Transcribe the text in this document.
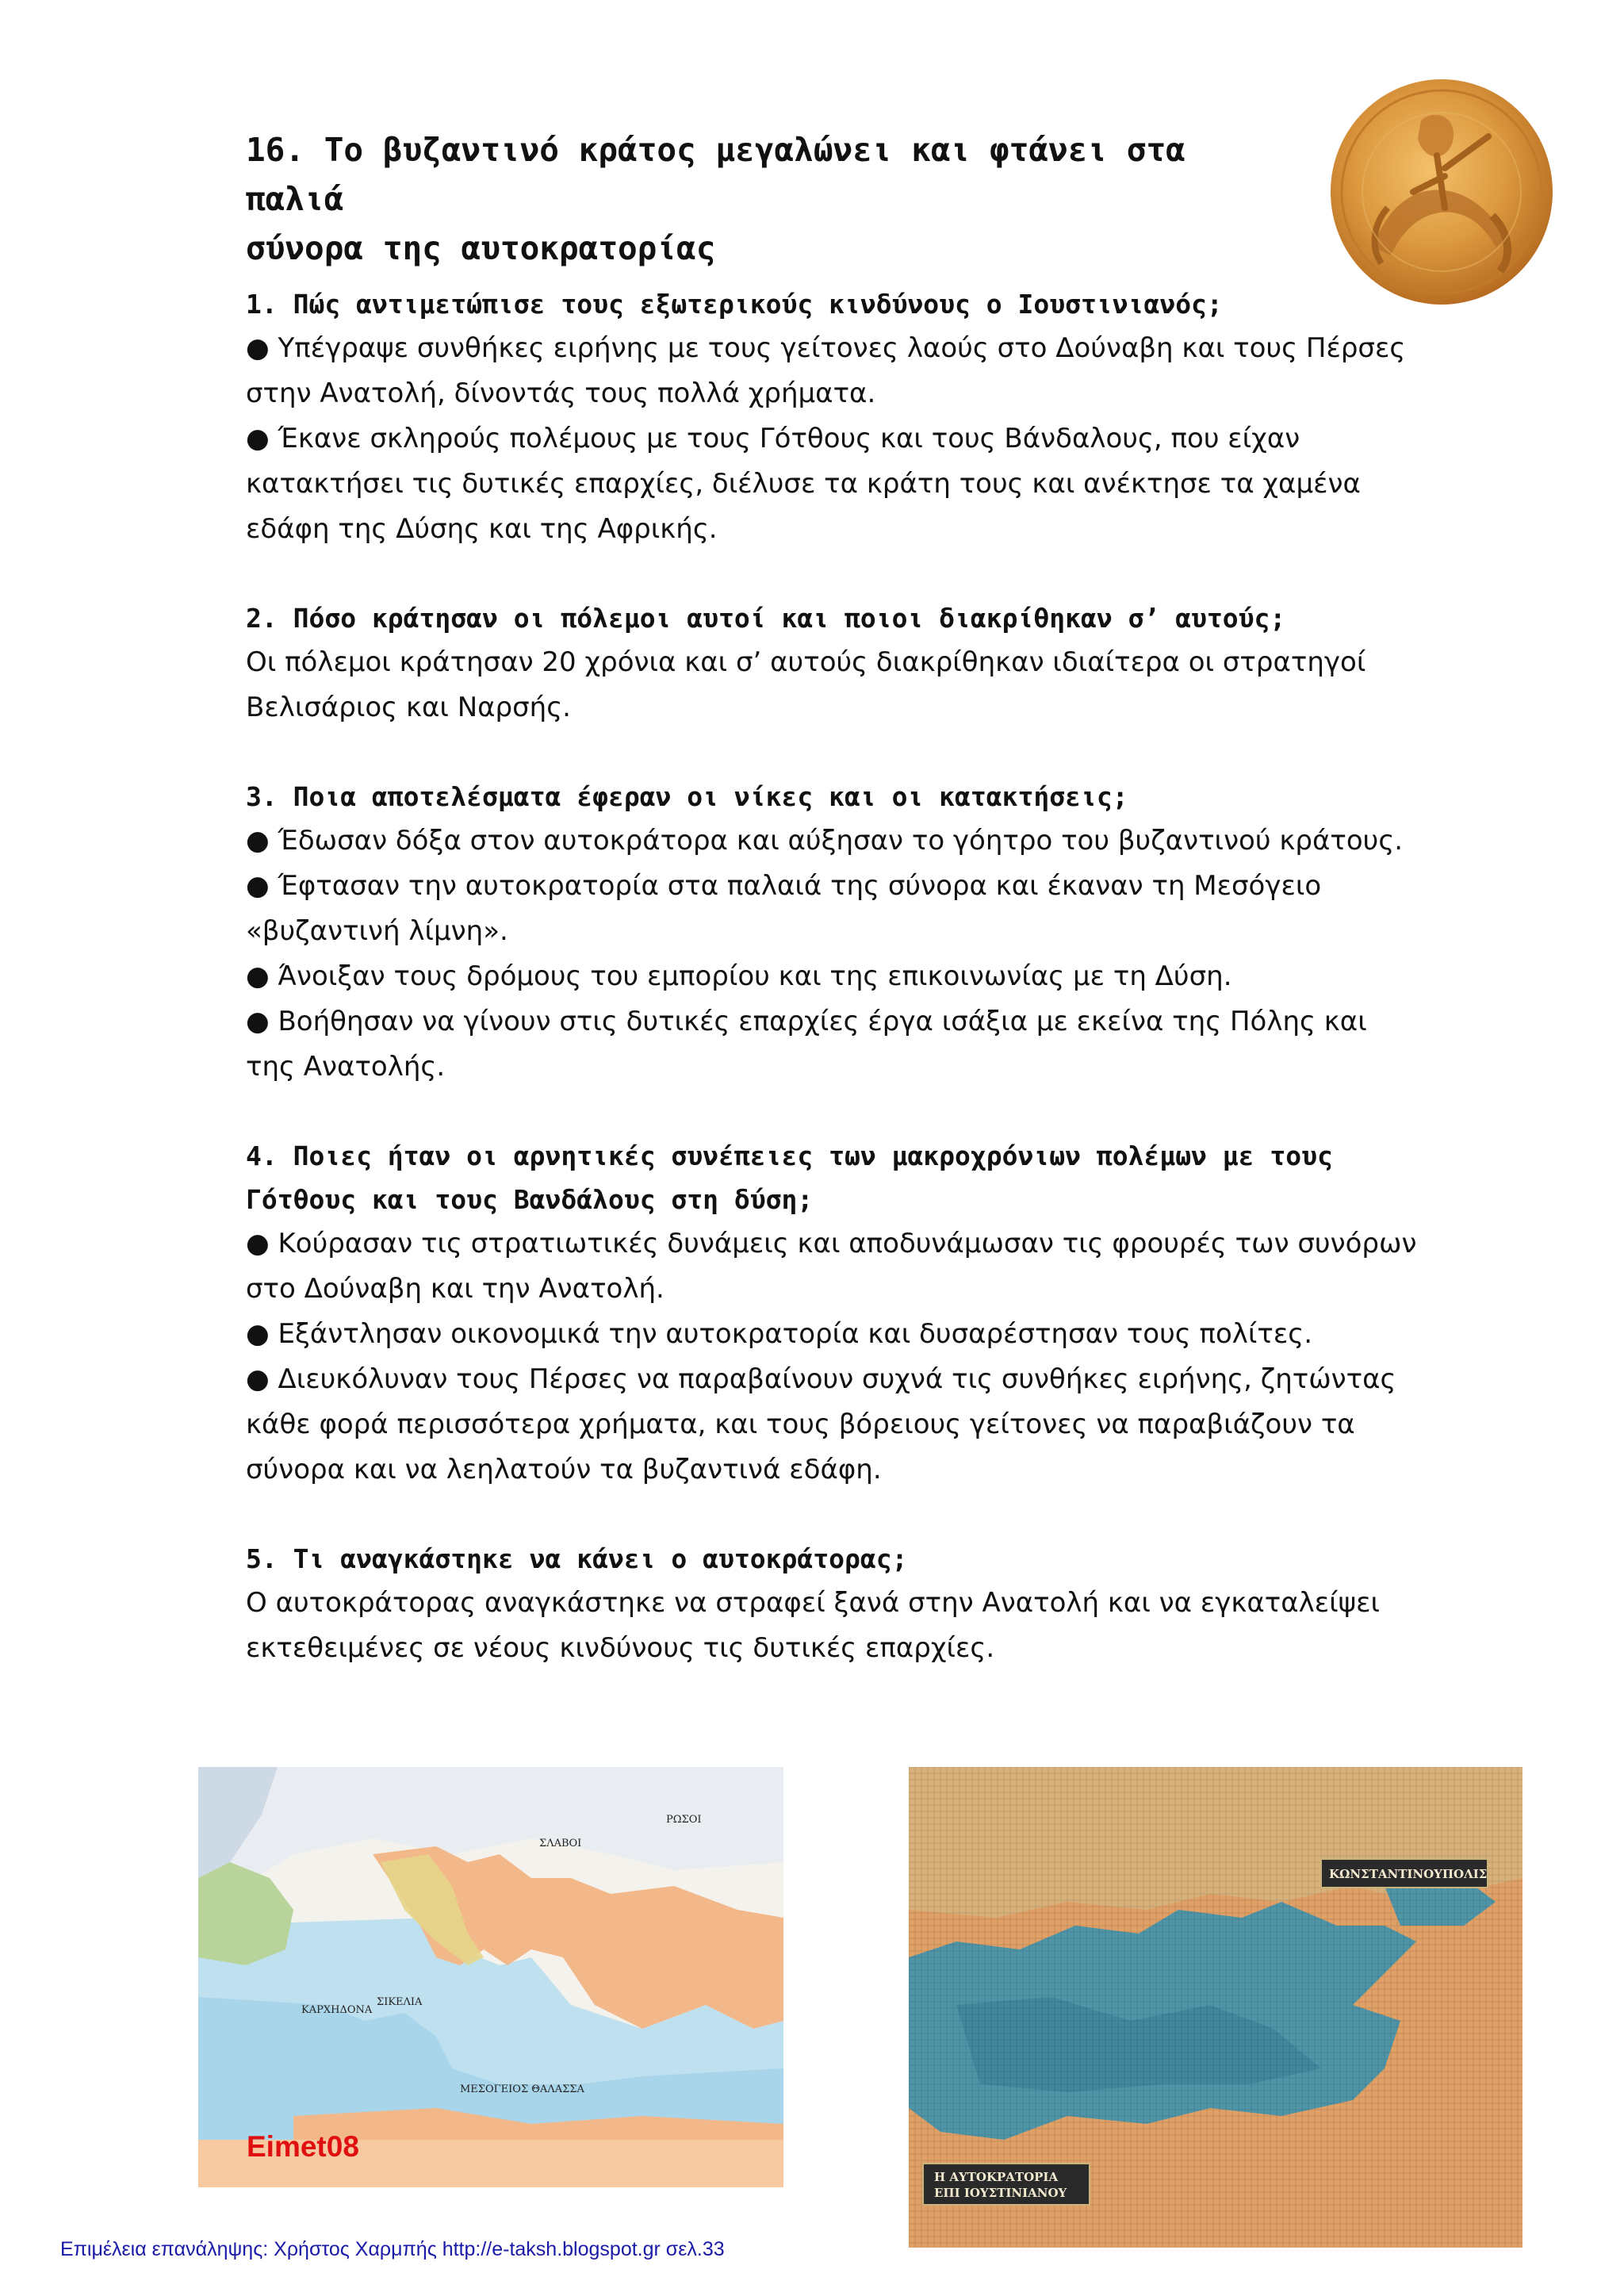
16. Το βυζαντινό κράτος μεγαλώνει και φτάνει στα παλιά
σύνορα της αυτοκρατορίας

1. Πώς αντιμετώπισε τους εξωτερικούς κινδύνους ο Ιουστινιανός;

● Υπέγραψε συνθήκες ειρήνης με τους γείτονες λαούς στο Δούναβη και τους Πέρσες στην Ανατολή, δίνοντάς τους πολλά χρήματα.

● Έκανε σκληρούς πολέμους με τους Γότθους και τους Βάνδαλους, που είχαν κατακτήσει τις δυτικές επαρχίες, διέλυσε τα κράτη τους και ανέκτησε τα χαμένα εδάφη της Δύσης και της Αφρικής.

2. Πόσο κράτησαν οι πόλεμοι αυτοί και ποιοι διακρίθηκαν σ’ αυτούς;

Οι πόλεμοι κράτησαν 20 χρόνια και σ’ αυτούς διακρίθηκαν ιδιαίτερα οι στρατηγοί Βελισάριος και Ναρσής.

3. Ποια αποτελέσματα έφεραν οι νίκες και οι κατακτήσεις;

● Έδωσαν δόξα στον αυτοκράτορα και αύξησαν το γόητρο του βυζαντινού κράτους.

● Έφτασαν την αυτοκρατορία στα παλαιά της σύνορα και έκαναν τη Μεσόγειο «βυζαντινή λίμνη».

● Άνοιξαν τους δρόμους του εμπορίου και της επικοινωνίας με τη Δύση.

● Βοήθησαν να γίνουν στις δυτικές επαρχίες έργα ισάξια με εκείνα της Πόλης και της Ανατολής.

4. Ποιες ήταν οι αρνητικές συνέπειες των μακροχρόνιων πολέμων με τους Γότθους και τους Βανδάλους στη δύση;

● Κούρασαν τις στρατιωτικές δυνάμεις και αποδυνάμωσαν τις φρουρές των συνόρων στο Δούναβη και την Ανατολή.

● Εξάντλησαν οικονομικά την αυτοκρατορία και δυσαρέστησαν τους πολίτες.

● Διευκόλυναν τους Πέρσες να παραβαίνουν συχνά τις συνθήκες ειρήνης, ζητώντας κάθε φορά περισσότερα χρήματα, και τους βόρειους γείτονες να παραβιάζουν τα σύνορα και να λεηλατούν τα βυζαντινά εδάφη.

5. Τι αναγκάστηκε να κάνει ο αυτοκράτορας;

Ο αυτοκράτορας αναγκάστηκε να στραφεί ξανά στην Ανατολή και να εγκαταλείψει εκτεθειμένες σε νέους κινδύνους τις δυτικές επαρχίες.

ΣΛΑΒΟΙ
ΡΩΣΟΙ
ΜΕΣΟΓΕΙΟΣ ΘΑΛΑΣΣΑ
ΣΙΚΕΛΙΑ
ΚΑΡΧΗΔΟΝΑ
ΚΩΝΣΤΑΝΤΙΝΟΥΠΟΛΙΣ
Η ΑΥΤΟΚΡΑΤΟΡΙΑ
ΕΠΙ ΙΟΥΣΤΙΝΙΑΝΟΥ
Eimet08
Επιμέλεια επανάληψης: Χρήστος Χαρμπής http://e-taksh.blogspot.gr σελ.33
